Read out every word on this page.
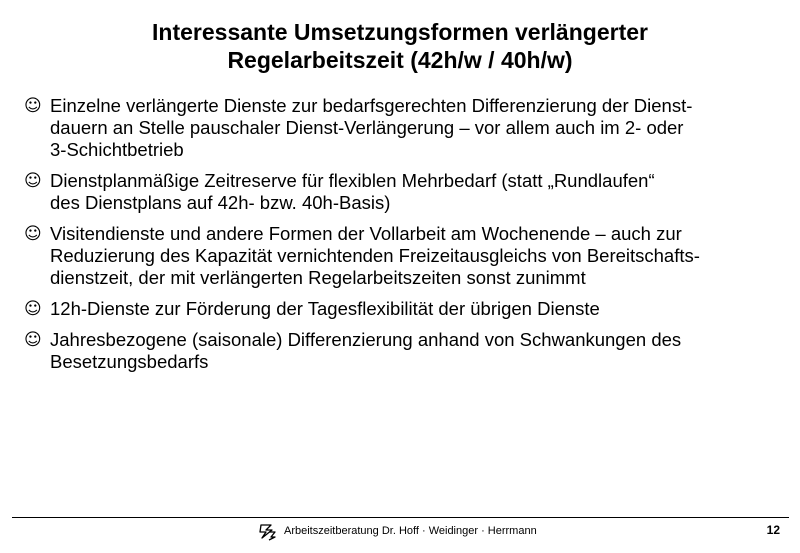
Interessante Umsetzungsformen verlängerter
Regelarbeitszeit (42h/w / 40h/w)
☺ Einzelne verlängerte Dienste zur bedarfsgerechten Differenzierung der Dienst-
dauern an Stelle pauschaler Dienst-Verlängerung – vor allem auch im 2- oder
3-Schichtbetrieb
☺ Dienstplanmäßige Zeitreserve für flexiblen Mehrbedarf (statt „Rundlaufen“
des Dienstplans auf 42h- bzw. 40h-Basis)
☺ Visitendienste und andere Formen der Vollarbeit am Wochenende – auch zur
Reduzierung des Kapazität vernichtenden Freizeitausgleichs von Bereitschafts-
dienstzeit, der mit verlängerten Regelarbeitszeiten sonst zunimmt
☺ 12h-Dienste zur Förderung der Tagesflexibilität der übrigen Dienste
☺ Jahresbezogene (saisonale) Differenzierung anhand von Schwankungen des
Besetzungsbedarfs
Arbeitszeitberatung Dr. Hoff · Weidinger · Herrmann	12
